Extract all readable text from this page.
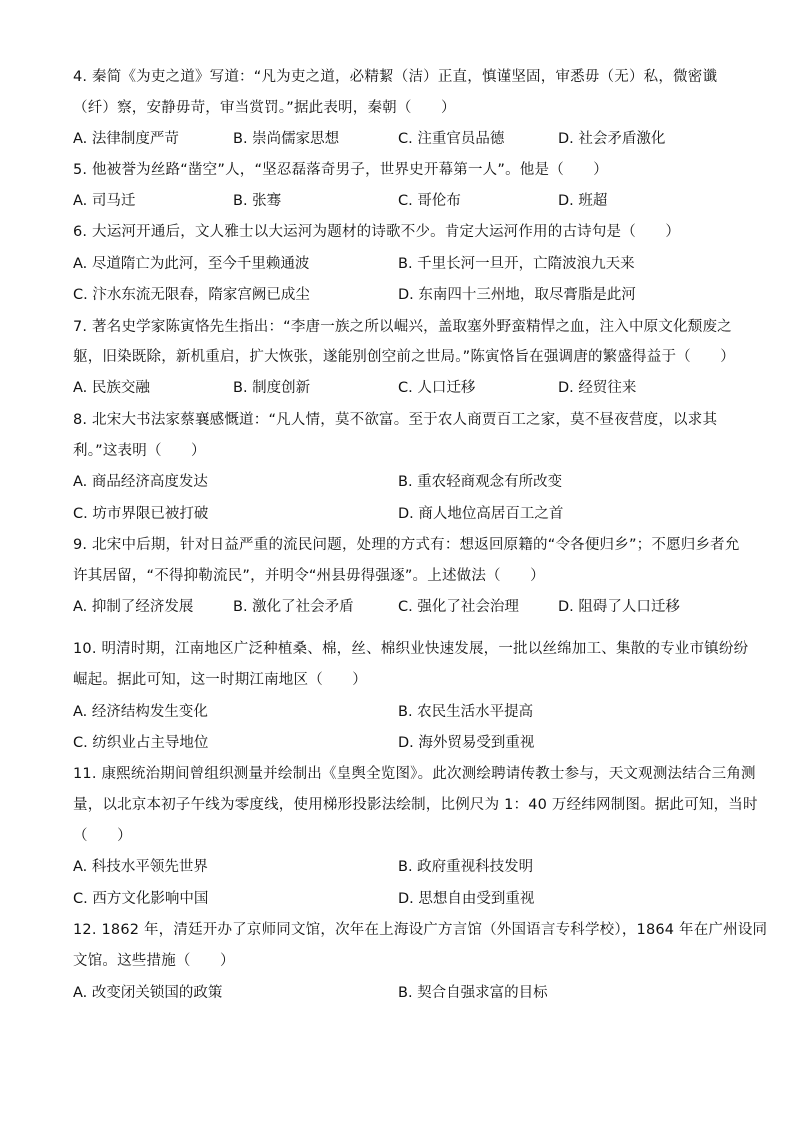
4. 秦简《为吏之道》写道：“凡为吏之道，必精絜（洁）正直，慎谨坚固，审悉毋（无）私，微密谶
（纤）察，安静毋苛，审当赏罚。”据此表明，秦朝（　　）
A. 法律制度严苛	B. 崇尚儒家思想	C. 注重官员品德	D. 社会矛盾激化
5. 他被誉为丝路“凿空”人，“坚忍磊落奇男子，世界史开幕第一人”。他是（　　）
A. 司马迁	B. 张骞	C. 哥伦布	D. 班超
6. 大运河开通后，文人雅士以大运河为题材的诗歌不少。肯定大运河作用的古诗句是（　　）
A. 尽道隋亡为此河，至今千里赖通波	B. 千里长河一旦开，亡隋波浪九天来
C. 汴水东流无限春，隋家宫阙已成尘	D. 东南四十三州地，取尽膏脂是此河
7. 著名史学家陈寅恪先生指出：“李唐一族之所以崛兴，盖取塞外野蛮精悍之血，注入中原文化颓废之
躯，旧染既除，新机重启，扩大恢张，遂能别创空前之世局。”陈寅恪旨在强调唐的繁盛得益于（　　）
A. 民族交融	B. 制度创新	C. 人口迁移	D. 经贸往来
8. 北宋大书法家蔡襄感慨道：“凡人情，莫不欲富。至于农人商贾百工之家，莫不昼夜营度，以求其
利。”这表明（　　）
A. 商品经济高度发达	B. 重农轻商观念有所改变
C. 坊市界限已被打破	D. 商人地位高居百工之首
9. 北宋中后期，针对日益严重的流民问题，处理的方式有：想返回原籍的“令各便归乡”；不愿归乡者允
许其居留，“不得抑勒流民”，并明令“州县毋得强逐”。上述做法（　　）
A. 抑制了经济发展	B. 激化了社会矛盾	C. 强化了社会治理	D. 阻碍了人口迁移
10. 明清时期，江南地区广泛种植桑、棉，丝、棉织业快速发展，一批以丝绵加工、集散的专业市镇纷纷
崛起。据此可知，这一时期江南地区（　　）
A. 经济结构发生变化	B. 农民生活水平提高
C. 纺织业占主导地位	D. 海外贸易受到重视
11. 康熙统治期间曾组织测量并绘制出《皇舆全览图》。此次测绘聘请传教士参与，天文观测法结合三角测
量，以北京本初子午线为零度线，使用梯形投影法绘制，比例尺为 1：40 万经纬网制图。据此可知，当时
（　　）
A. 科技水平领先世界	B. 政府重视科技发明
C. 西方文化影响中国	D. 思想自由受到重视
12. 1862 年，清廷开办了京师同文馆，次年在上海设广方言馆（外国语言专科学校），1864 年在广州设同
文馆。这些措施（　　）
A. 改变闭关锁国的政策	B. 契合自强求富的目标
